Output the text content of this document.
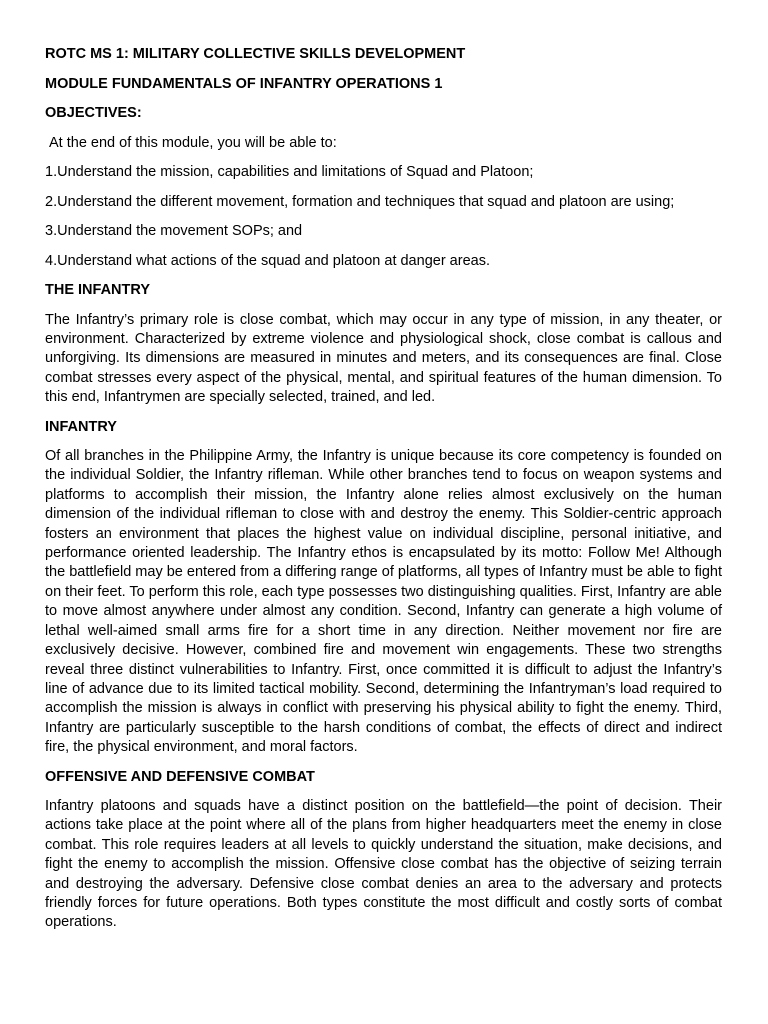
ROTC MS 1: MILITARY COLLECTIVE SKILLS DEVELOPMENT
MODULE FUNDAMENTALS OF INFANTRY OPERATIONS 1
OBJECTIVES:
At the end of this module, you will be able to:
1.Understand the mission, capabilities and limitations of Squad and Platoon;
2.Understand the different movement, formation and techniques that squad and platoon are using;
3.Understand the movement SOPs; and
4.Understand what actions of the squad and platoon at danger areas.
THE INFANTRY

The Infantry’s primary role is close combat, which may occur in any type of mission, in any theater, or environment. Characterized by extreme violence and physiological shock, close combat is callous and unforgiving. Its dimensions are measured in minutes and meters, and its consequences are final. Close combat stresses every aspect of the physical, mental, and spiritual features of the human dimension. To this end, Infantrymen are specially selected, trained, and led.

INFANTRY

Of all branches in the Philippine Army, the Infantry is unique because its core competency is founded on the individual Soldier, the Infantry rifleman. While other branches tend to focus on weapon systems and platforms to accomplish their mission, the Infantry alone relies almost exclusively on the human dimension of the individual rifleman to close with and destroy the enemy. This Soldier-centric approach fosters an environment that places the highest value on individual discipline, personal initiative, and performance oriented leadership. The Infantry ethos is encapsulated by its motto: Follow Me! Although the battlefield may be entered from a differing range of platforms, all types of Infantry must be able to fight on their feet. To perform this role, each type possesses two distinguishing qualities. First, Infantry are able to move almost anywhere under almost any condition. Second, Infantry can generate a high volume of lethal well-aimed small arms fire for a short time in any direction. Neither movement nor fire are exclusively decisive. However, combined fire and movement win engagements. These two strengths reveal three distinct vulnerabilities to Infantry. First, once committed it is difficult to adjust the Infantry’s line of advance due to its limited tactical mobility. Second, determining the Infantryman’s load required to accomplish the mission is always in conflict with preserving his physical ability to fight the enemy. Third, Infantry are particularly susceptible to the harsh conditions of combat, the effects of direct and indirect fire, the physical environment, and moral factors.

OFFENSIVE AND DEFENSIVE COMBAT

Infantry platoons and squads have a distinct position on the battlefield—the point of decision. Their actions take place at the point where all of the plans from higher headquarters meet the enemy in close combat. This role requires leaders at all levels to quickly understand the situation, make decisions, and fight the enemy to accomplish the mission. Offensive close combat has the objective of seizing terrain and destroying the adversary. Defensive close combat denies an area to the adversary and protects friendly forces for future operations. Both types constitute the most difficult and costly sorts of combat operations.
